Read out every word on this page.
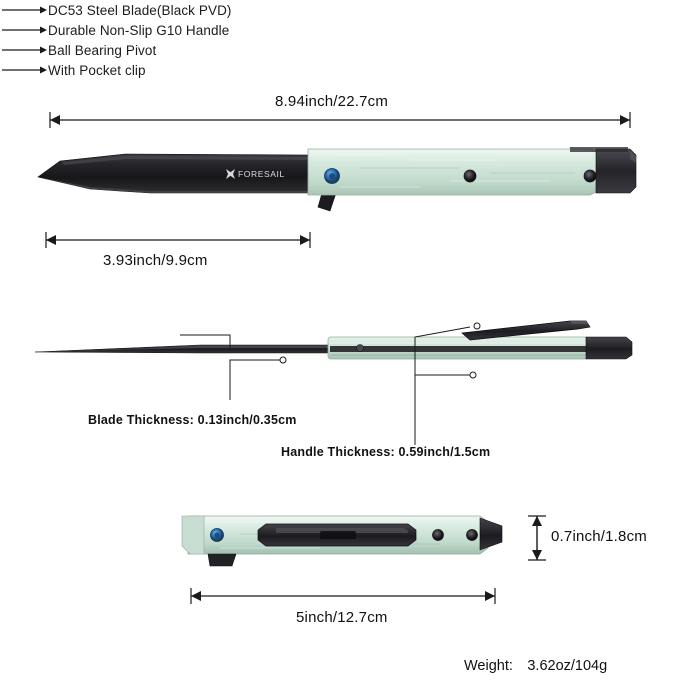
DC53 Steel Blade(Black PVD)
Durable Non-Slip G10 Handle
Ball Bearing Pivot
With Pocket clip
8.94inch/22.7cm
FORESAIL
3.93inch/9.9cm
Blade Thickness: 0.13inch/0.35cm
Handle Thickness: 0.59inch/1.5cm
0.7inch/1.8cm
5inch/12.7cm
Weight: 3.62oz/104g
